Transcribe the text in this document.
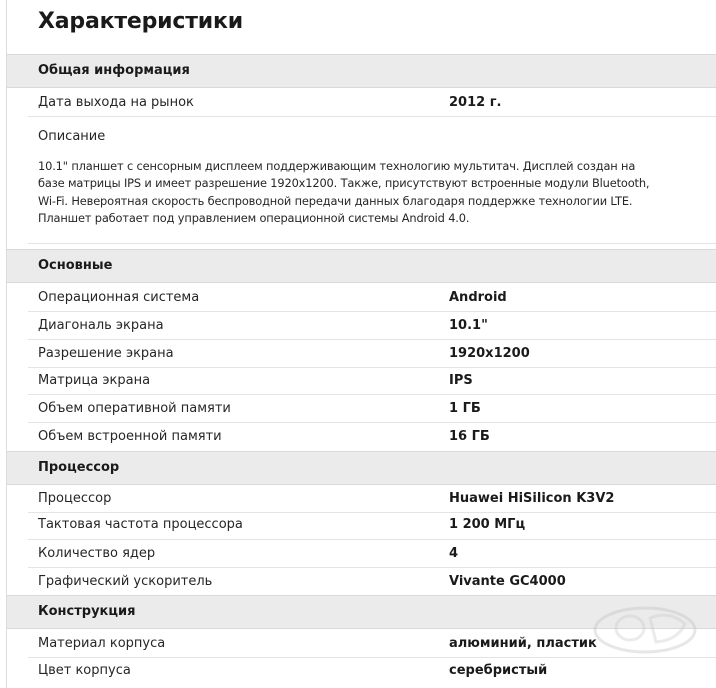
Характеристики
Общая информация
Дата выхода на рынок	2012 г.
Описание
10.1" планшет с сенсорным дисплеем поддерживающим технологию мультитач. Дисплей создан на базе матрицы IPS и имеет разрешение 1920x1200. Также, присутствуют встроенные модули Bluetooth, Wi-Fi. Невероятная скорость беспроводной передачи данных благодаря поддержке технологии LTE. Планшет работает под управлением операционной системы Android 4.0.
Основные
Операционная система	Android
Диагональ экрана	10.1"
Разрешение экрана	1920x1200
Матрица экрана	IPS
Объем оперативной памяти	1 ГБ
Объем встроенной памяти	16 ГБ
Процессор
Процессор	Huawei HiSilicon K3V2
Тактовая частота процессора	1 200 МГц
Количество ядер	4
Графический ускоритель	Vivante GC4000
Конструкция
Материал корпуса	алюминий, пластик
Цвет корпуса	серебристый
